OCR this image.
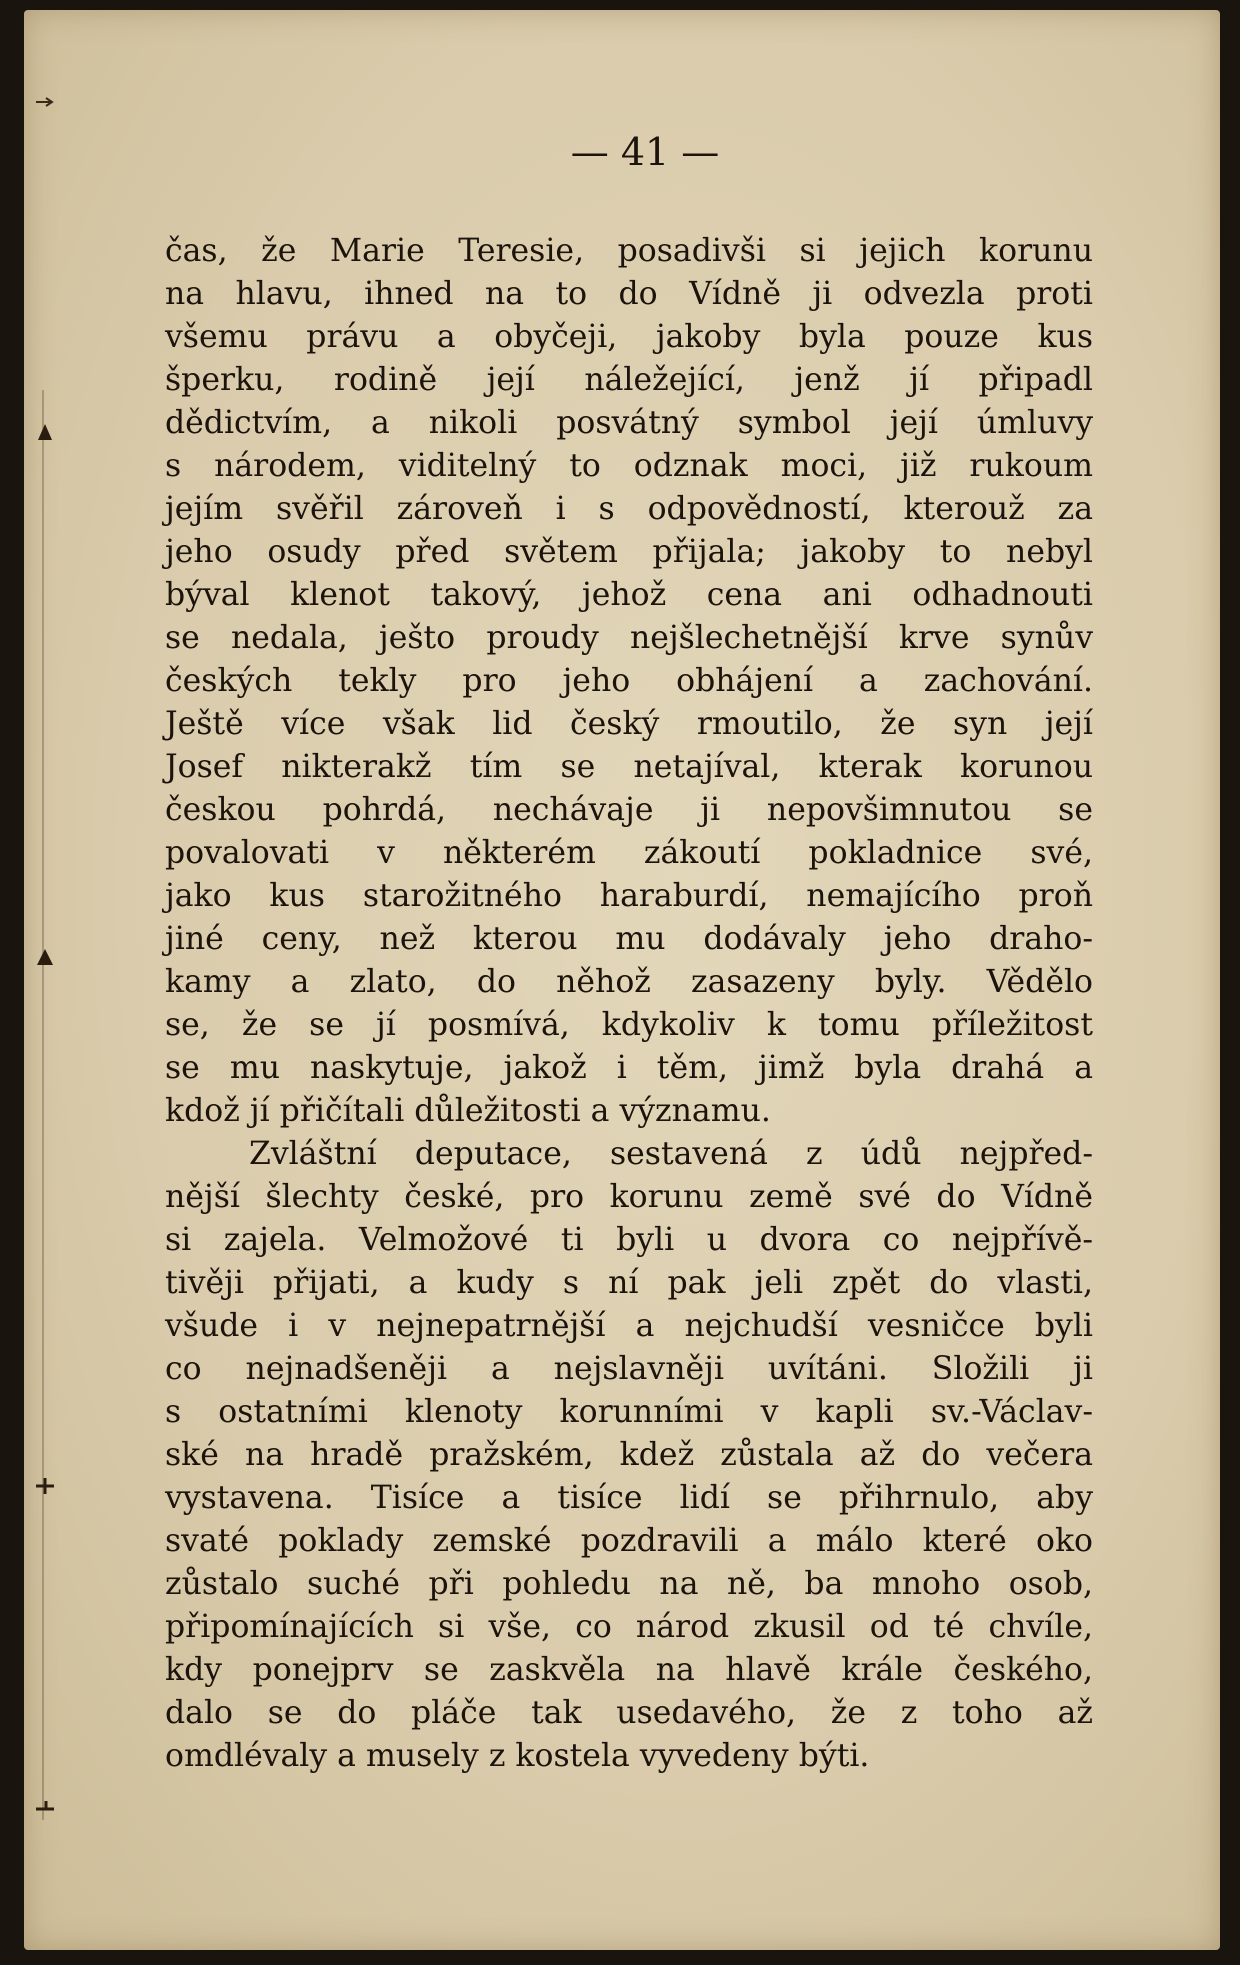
— 41 —
čas, že Marie Teresie, posadivši si jejich korunu
na hlavu, ihned na to do Vídně ji odvezla proti
všemu právu a obyčeji, jakoby byla pouze kus
šperku, rodině její náležející, jenž jí připadl
dědictvím, a nikoli posvátný symbol její úmluvy
s národem, viditelný to odznak moci, již rukoum
jejím svěřil zároveň i s odpovědností, kterouž za
jeho osudy před světem přijala; jakoby to nebyl
býval klenot takový, jehož cena ani odhadnouti
se nedala, ješto proudy nejšlechetnější krve synův
českých tekly pro jeho obhájení a zachování.
Ještě více však lid český rmoutilo, že syn její
Josef nikterakž tím se netajíval, kterak korunou
českou pohrdá, nechávaje ji nepovšimnutou se
povalovati v některém zákoutí pokladnice své,
jako kus starožitného haraburdí, nemajícího proň
jiné ceny, než kterou mu dodávaly jeho draho-
kamy a zlato, do něhož zasazeny byly. Vědělo
se, že se jí posmívá, kdykoliv k tomu příležitost
se mu naskytuje, jakož i těm, jimž byla drahá a
kdož jí přičítali důležitosti a významu.
Zvláštní deputace, sestavená z údů nejpřed-
nější šlechty české, pro korunu země své do Vídně
si zajela. Velmožové ti byli u dvora co nejpřívě-
tivěji přijati, a kudy s ní pak jeli zpět do vlasti,
všude i v nejnepatrnější a nejchudší vesničce byli
co nejnadšeněji a nejslavněji uvítáni. Složili ji
s ostatními klenoty korunními v kapli sv.-Václav-
ské na hradě pražském, kdež zůstala až do večera
vystavena. Tisíce a tisíce lidí se přihrnulo, aby
svaté poklady zemské pozdravili a málo které oko
zůstalo suché při pohledu na ně, ba mnoho osob,
připomínajících si vše, co národ zkusil od té chvíle,
kdy ponejprv se zaskvěla na hlavě krále českého,
dalo se do pláče tak usedavého, že z toho až
omdlévaly a musely z kostela vyvedeny býti.
